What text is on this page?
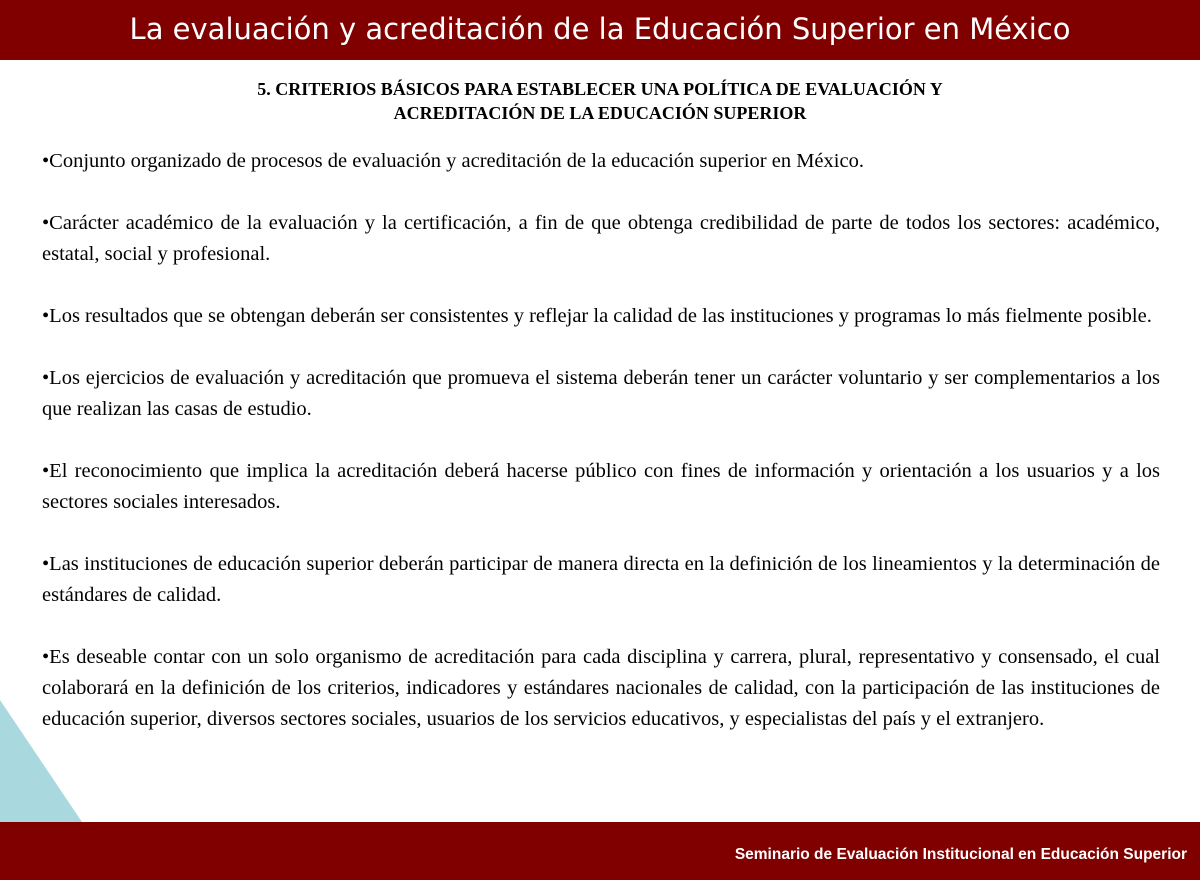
La evaluación y acreditación de la Educación Superior en México
5. CRITERIOS BÁSICOS PARA ESTABLECER UNA POLÍTICA DE EVALUACIÓN Y
ACREDITACIÓN DE LA EDUCACIÓN SUPERIOR

•Conjunto organizado de procesos de evaluación y acreditación de la educación superior en México.

•Carácter académico de la evaluación y la certificación, a fin de que obtenga credibilidad de parte de todos los sectores: académico, estatal, social y profesional.

•Los resultados que se obtengan deberán ser consistentes y reflejar la calidad de las instituciones y programas lo más fielmente posible.

•Los ejercicios de evaluación y acreditación que promueva el sistema deberán tener un carácter voluntario y ser complementarios a los que realizan las casas de estudio.

•El reconocimiento que implica la acreditación deberá hacerse público con fines de información y orientación a los usuarios y a los sectores sociales interesados.

•Las instituciones de educación superior deberán participar de manera directa en la definición de los lineamientos y la determinación de estándares de calidad.

•Es deseable contar con un solo organismo de acreditación para cada disciplina y carrera, plural, representativo y consensado, el cual colaborará en la definición de los criterios, indicadores y estándares nacionales de calidad, con la participación de las instituciones de educación superior, diversos sectores sociales, usuarios de los servicios educativos, y especialistas del país y el extranjero.

Seminario de Evaluación Institucional en Educación Superior
